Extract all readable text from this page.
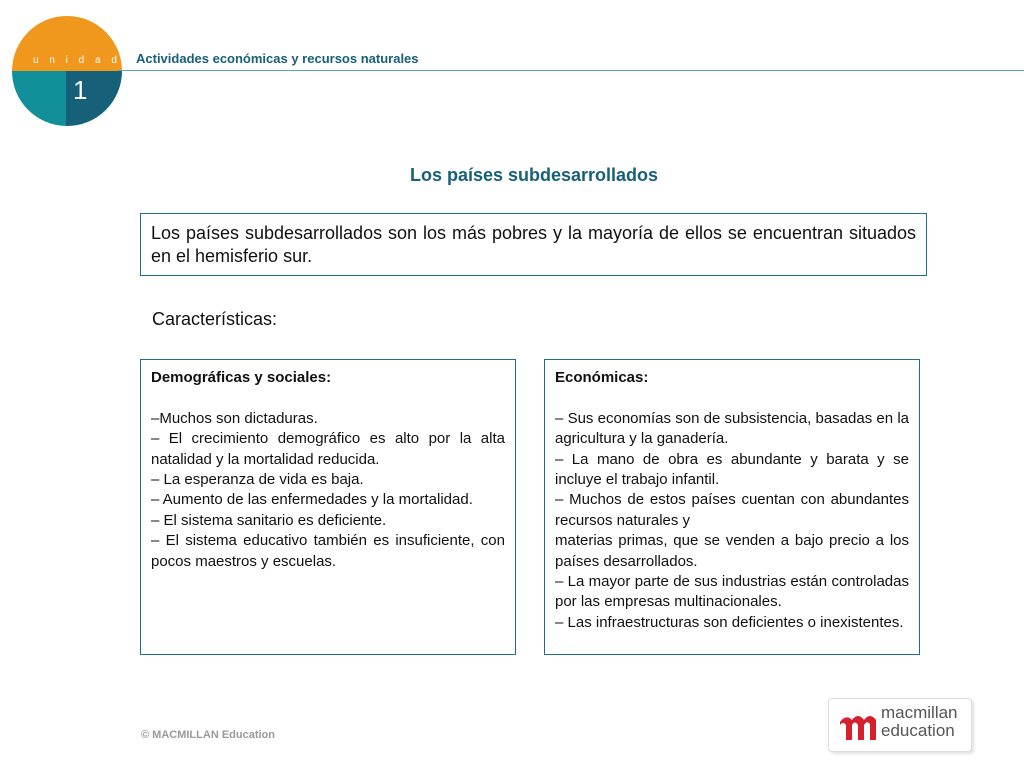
u n i d a d
1
Actividades económicas y recursos naturales
Los países subdesarrollados
Los países subdesarrollados son los más pobres y la mayoría de ellos se encuentran situados en el hemisferio sur.
Características:
Demográficas y sociales:
–Muchos son dictaduras.
– El crecimiento demográfico es alto por la alta natalidad y la mortalidad reducida.
– La esperanza de vida es baja.
– Aumento de las enfermedades y la mortalidad.
– El sistema sanitario es deficiente.
– El sistema educativo también es insuficiente, con pocos maestros y escuelas.
Económicas:
– Sus economías son de subsistencia, basadas en la agricultura y la ganadería.
– La mano de obra es abundante y barata y se incluye el trabajo infantil.
– Muchos de estos países cuentan con abundantes recursos naturales y
materias primas, que se venden a bajo precio a los países desarrollados.
– La mayor parte de sus industrias están controladas por las empresas multinacionales.
– Las infraestructuras son deficientes o inexistentes.
© MACMILLAN Education
macmillan
education
